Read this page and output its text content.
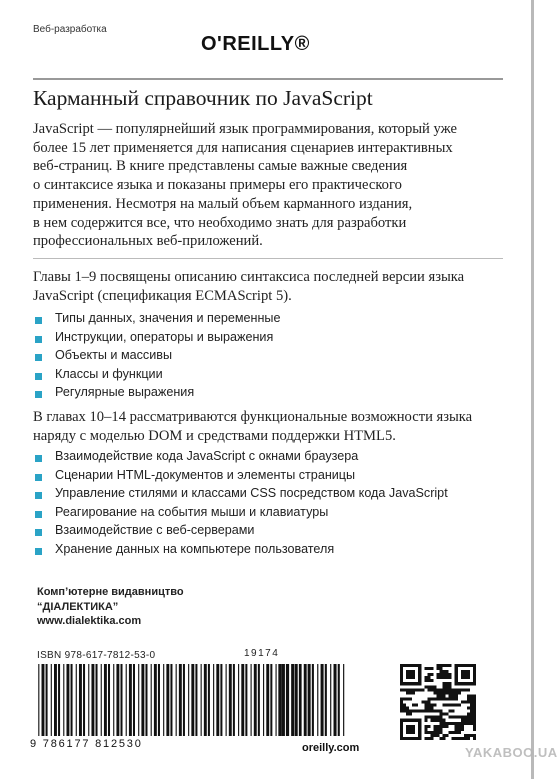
Веб-разработка
O'REILLY®
Карманный справочник по JavaScript
JavaScript — популярнейший язык программирования, который уже
более 15 лет применяется для написания сценариев интерактивных
веб-страниц. В книге представлены самые важные сведения
о синтаксисе языка и показаны примеры его практического
применения. Несмотря на малый объем карманного издания,
в нем содержится все, что необходимо знать для разработки
профессиональных веб-приложений.
Главы 1–9 посвящены описанию синтаксиса последней версии языка
JavaScript (спецификация ECMAScript 5).
Типы данных, значения и переменные
Инструкции, операторы и выражения
Объекты и массивы
Классы и функции
Регулярные выражения
В главах 10–14 рассматриваются функциональные возможности языка
наряду с моделью DOM и средствами поддержки HTML5.
Взаимодействие кода JavaScript с окнами браузера
Сценарии HTML-документов и элементы страницы
Управление стилями и классами CSS посредством кода JavaScript
Реагирование на события мыши и клавиатуры
Взаимодействие с веб-серверами
Хранение данных на компьютере пользователя
Комп’ютерне видавництво
“ДІАЛЕКТИКА”
www.dialektika.com
ISBN 978-617-7812-53-0	19174
9 786177 812530	oreilly.com	YAKABOO.UA
